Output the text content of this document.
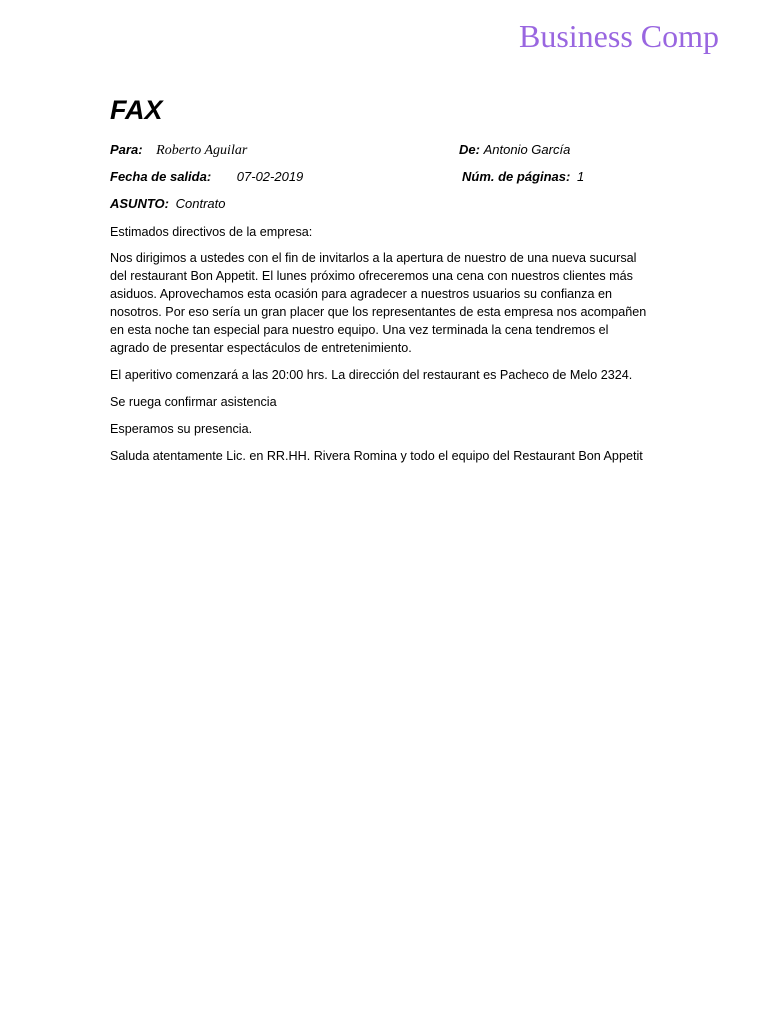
Business Comp
FAX
Para: Roberto Aguilar	De: Antonio García
Fecha de salida: 07-02-2019	Núm. de páginas: 1
ASUNTO: Contrato
Estimados directivos de la empresa:
Nos dirigimos a ustedes con el fin de invitarlos a la apertura de nuestro de una nueva sucursal
del restaurant Bon Appetit. El lunes próximo ofreceremos una cena con nuestros clientes más
asiduos. Aprovechamos esta ocasión para agradecer a nuestros usuarios su confianza en
nosotros. Por eso sería un gran placer que los representantes de esta empresa nos acompañen
en esta noche tan especial para nuestro equipo. Una vez terminada la cena tendremos el
agrado de presentar espectáculos de entretenimiento.
El aperitivo comenzará a las 20:00 hrs. La dirección del restaurant es Pacheco de Melo 2324.
Se ruega confirmar asistencia
Esperamos su presencia.
Saluda atentamente Lic. en RR.HH. Rivera Romina y todo el equipo del Restaurant Bon Appetit
